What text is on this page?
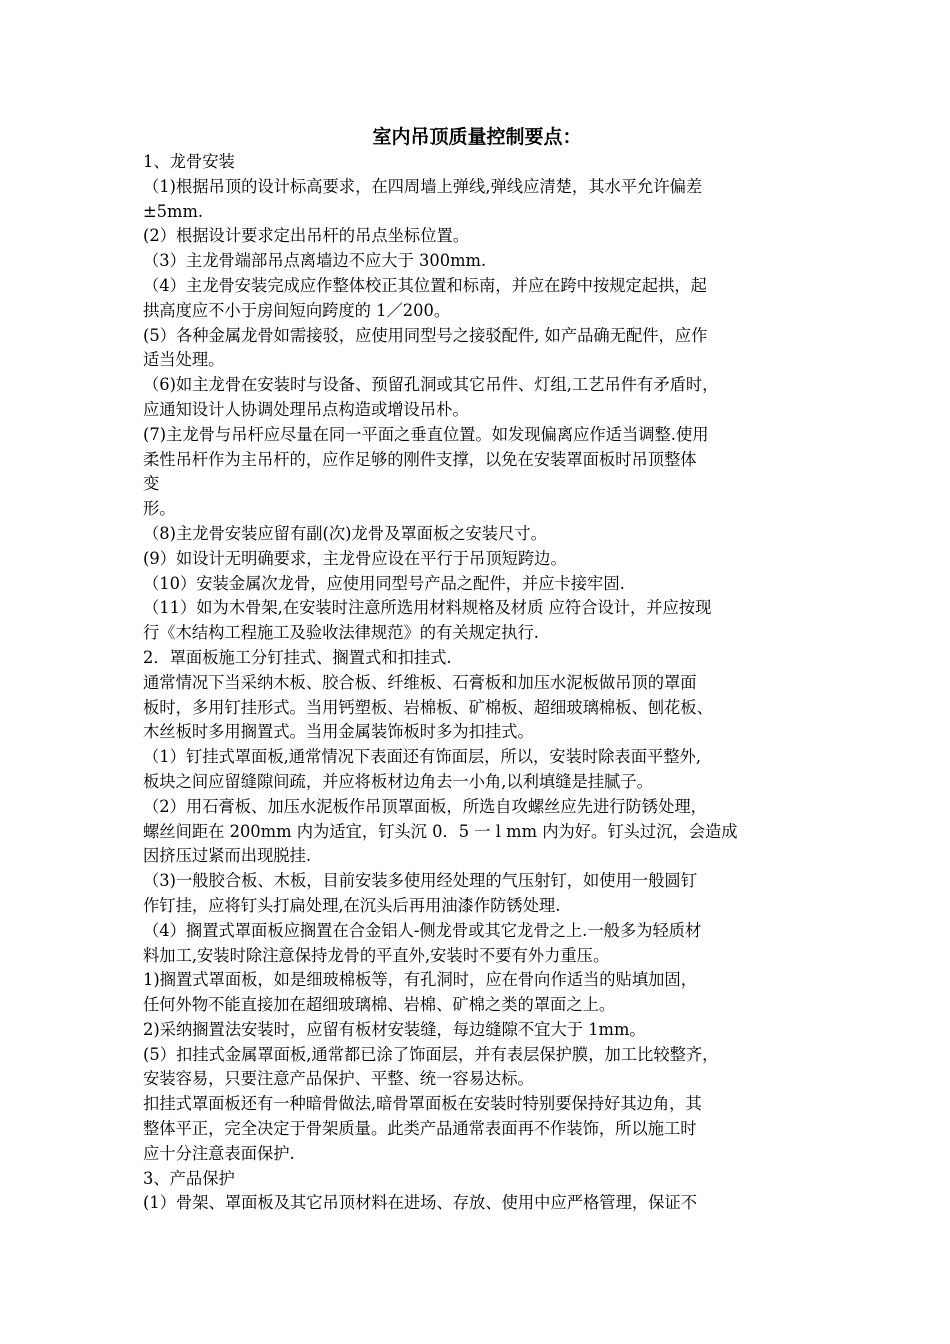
室内吊顶质量控制要点：

1、龙骨安装

（1)根据吊顶的设计标高要求，在四周墙上弹线,弹线应清楚，其水平允许偏差

±5mm.

(2）根据设计要求定出吊杆的吊点坐标位置。

（3）主龙骨端部吊点离墙边不应大于 300mm.

（4）主龙骨安装完成应作整体校正其位置和标南，并应在跨中按规定起拱，起

拱高度应不小于房间短向跨度的 1／200。

(5）各种金属龙骨如需接驳，应使用同型号之接驳配件, 如产品确无配件，应作

适当处理。

（6)如主龙骨在安装时与设备、预留孔洞或其它吊件、灯组,工艺吊件有矛盾时，

应通知设计人协调处理吊点构造或增设吊朴。

(7)主龙骨与吊杆应尽量在同一平面之垂直位置。如发现偏离应作适当调整.使用

柔性吊杆作为主吊杆的，应作足够的刚件支撑，以免在安装罩面板时吊顶整体

变

形。

（8)主龙骨安装应留有副(次)龙骨及罩面板之安装尺寸。

(9）如设计无明确要求，主龙骨应设在平行于吊顶短跨边。

（10）安装金属次龙骨，应使用同型号产品之配件，并应卡接牢固.

（11）如为木骨架,在安装时注意所选用材料规格及材质 应符合设计，并应按现

行《木结构工程施工及验收法律规范》的有关规定执行.

2．罩面板施工分钉挂式、搁置式和扣挂式.

通常情况下当采纳木板、胶合板、纤维板、石膏板和加压水泥板做吊顶的罩面

板时，多用钉挂形式。当用钙塑板、岩棉板、矿棉板、超细玻璃棉板、刨花板、

木丝板时多用搁置式。当用金属装饰板时多为扣挂式。

（1）钉挂式罩面板,通常情况下表面还有饰面层，所以，安装时除表面平整外,

板块之间应留缝隙间疏，并应将板材边角去一小角,以利填缝是挂腻子。

（2）用石膏板、加压水泥板作吊顶罩面板，所选自攻螺丝应先进行防锈处理，

螺丝间距在 200mm 内为适宜，钉头沉 0．5 一 l mm 内为好。钉头过沉，会造成

因挤压过紧而出现脱挂.

（3)一般胶合板、木板，目前安装多使用经处理的气压射钉，如使用一般圆钉

作钉挂，应将钉头打扁处理,在沉头后再用油漆作防锈处理.

（4）搁置式罩面板应搁置在合金铝人-侧龙骨或其它龙骨之上.一般多为轻质材

料加工,安装时除注意保持龙骨的平直外,安装时不要有外力重压。

1)搁置式罩面板，如是细玻棉板等，有孔洞时，应在骨向作适当的贴填加固，

任何外物不能直接加在超细玻璃棉、岩棉、矿棉之类的罩面之上。

2)采纳搁置法安装时，应留有板材安装缝，每边缝隙不宜大于 1mm。

(5）扣挂式金属罩面板,通常都已涂了饰面层，并有表层保护膜，加工比较整齐，

安装容易，只要注意产品保护、平整、统一容易达标。

扣挂式罩面板还有一种暗骨做法,暗骨罩面板在安装时特别要保持好其边角，其

整体平正，完全决定于骨架质量。此类产品通常表面再不作装饰，所以施工时

应十分注意表面保护.

3、产品保护

(1）骨架、罩面板及其它吊顶材料在进场、存放、使用中应严格管理，保证不
